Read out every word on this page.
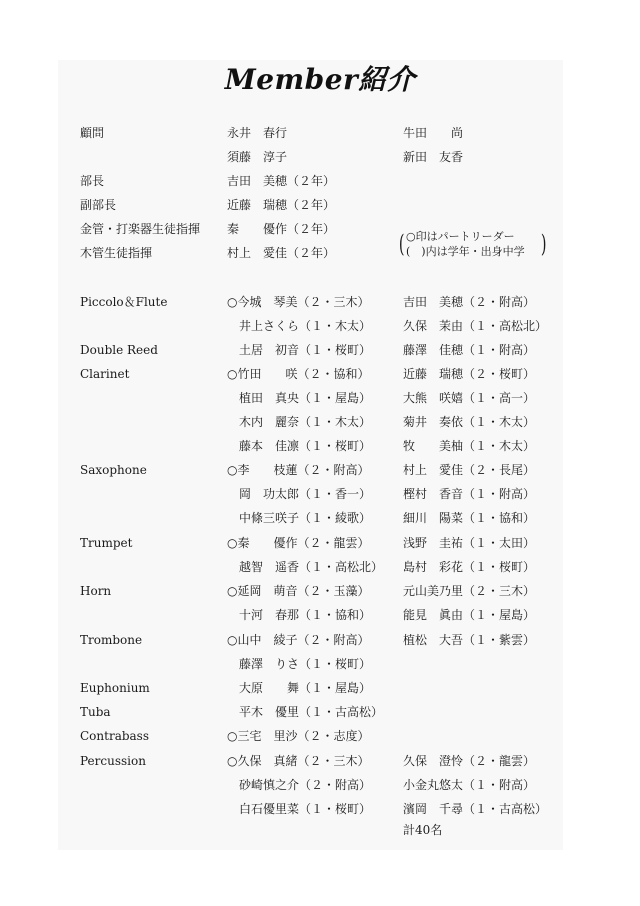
Member紹介
顧問	永井　春行	牛田　　尚
須藤　淳子	新田　友香
部長	吉田　美穂（２年）
副部長	近藤　瑞穂（２年）
金管・打楽器生徒指揮 秦　　優作（２年）
木管生徒指揮	村上　愛佳（２年）
Piccolo＆Flute	○今城　琴美（２・三木）	吉田　美穂（２・附高）
　井上さくら（１・木太）	久保　茉由（１・高松北）
Double Reed	　土居　初音（１・桜町）	藤澤　佳穂（１・附高）
Clarinet	○竹田　　咲（２・協和）	近藤　瑞穂（２・桜町）
　植田　真央（１・屋島）	大熊　咲嬉（１・高一）
　木内　麗奈（１・木太）	菊井　奏依（１・木太）
　藤本　佳凛（１・桜町）	牧　　美柚（１・木太）
Saxophone	○李　　枝蓮（２・附高）	村上　愛佳（２・長尾）
　岡　功太郎（１・香一）	樫村　香音（１・附高）
　中條三咲子（１・綾歌）	細川　陽菜（１・協和）
Trumpet	○秦　　優作（２・龍雲）	浅野　圭祐（１・太田）
　越智　遥香（１・高松北） 島村　彩花（１・桜町）
Horn	○延岡　萌音（２・玉藻）	元山美乃里（２・三木）
　十河　春那（１・協和）	能見　眞由（１・屋島）
Trombone	○山中　綾子（２・附高）	植松　大吾（１・紫雲）
　藤澤　りさ（１・桜町）
Euphonium	　大原　　舞（１・屋島）
Tuba	　平木　優里（１・古高松）
Contrabass	○三宅　里沙（２・志度）
Percussion	○久保　真緒（２・三木）	久保　澄怜（２・龍雲）
　砂崎慎之介（２・附高）	小金丸悠太（１・附高）
　白石優里菜（１・桜町）	濱岡　千尋（１・古高松）
( ○印はパートリーダー
(　)内は学年・出身中学 )
計40名
